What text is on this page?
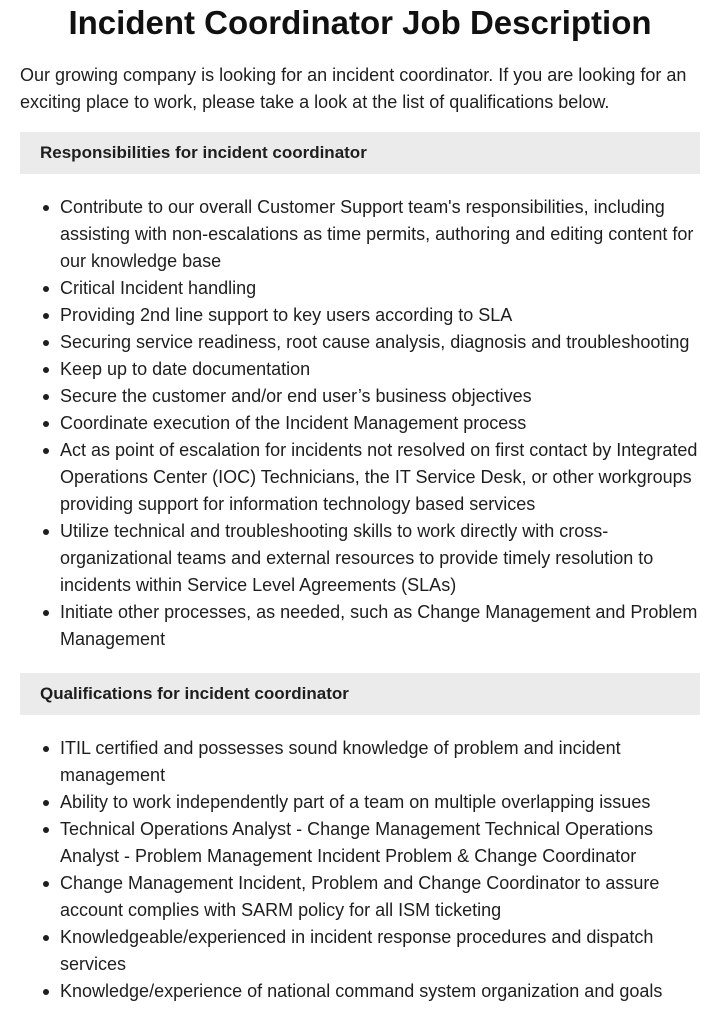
Incident Coordinator Job Description

Our growing company is looking for an incident coordinator. If you are looking for an exciting place to work, please take a look at the list of qualifications below.

Responsibilities for incident coordinator
Contribute to our overall Customer Support team's responsibilities, including assisting with non-escalations as time permits, authoring and editing content for our knowledge base
Critical Incident handling
Providing 2nd line support to key users according to SLA
Securing service readiness, root cause analysis, diagnosis and troubleshooting
Keep up to date documentation
Secure the customer and/or end user’s business objectives
Coordinate execution of the Incident Management process
Act as point of escalation for incidents not resolved on first contact by Integrated Operations Center (IOC) Technicians, the IT Service Desk, or other workgroups providing support for information technology based services
Utilize technical and troubleshooting skills to work directly with cross-organizational teams and external resources to provide timely resolution to incidents within Service Level Agreements (SLAs)
Initiate other processes, as needed, such as Change Management and Problem Management
Qualifications for incident coordinator
ITIL certified and possesses sound knowledge of problem and incident management
Ability to work independently part of a team on multiple overlapping issues
Technical Operations Analyst - Change Management Technical Operations Analyst - Problem Management Incident Problem & Change Coordinator
Change Management Incident, Problem and Change Coordinator to assure account complies with SARM policy for all ISM ticketing
Knowledgeable/experienced in incident response procedures and dispatch services
Knowledge/experience of national command system organization and goals
